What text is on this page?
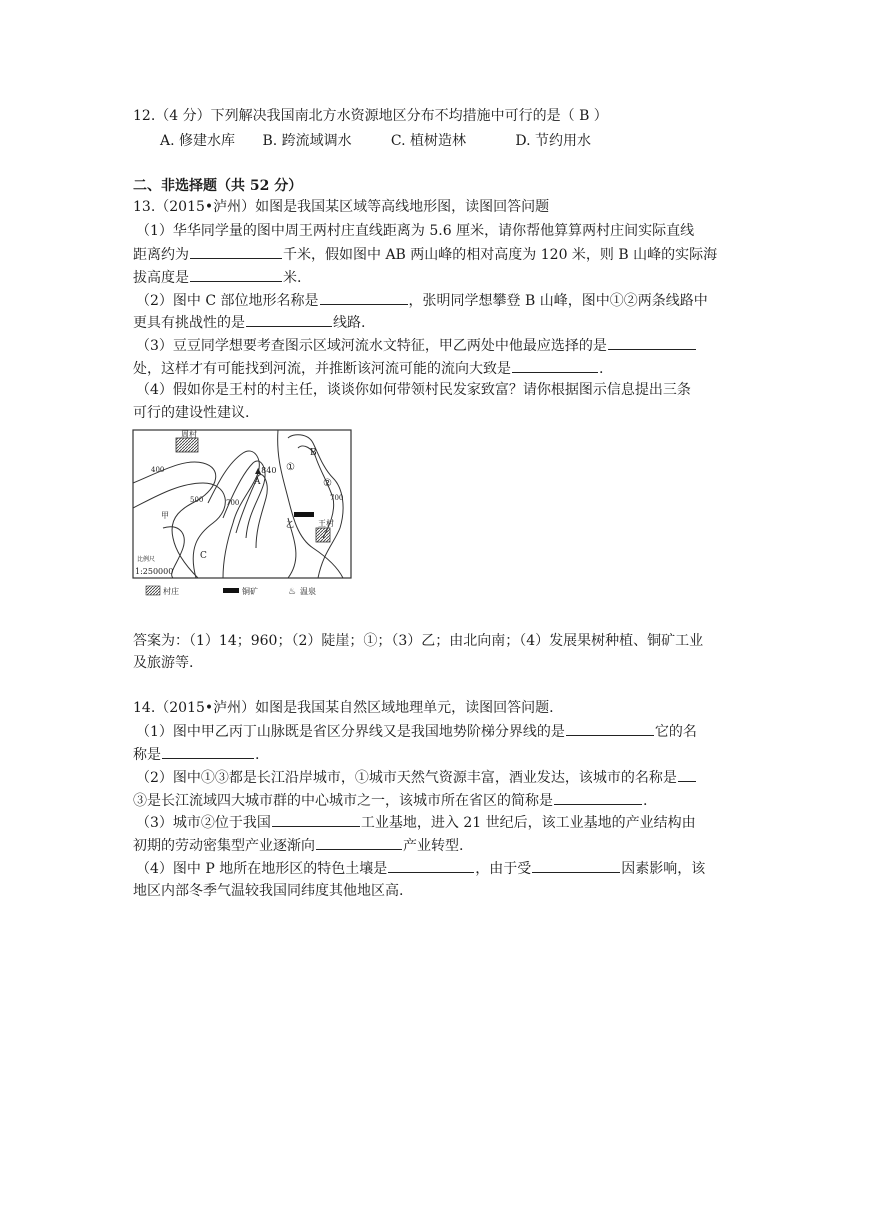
12.（4 分）下列解决我国南北方水资源地区分布不均措施中可行的是（ B ）
A. 修建水库 B. 跨流域调水	C. 植树造林	D. 节约用水
二、非选择题（共 52 分）
13.（2015•泸州）如图是我国某区域等高线地形图，读图回答问题
（1）华华同学量的图中周王两村庄直线距离为 5.6 厘米，请你帮他算算两村庄间实际直线
距离约为	千米，假如图中 AB 两山峰的相对高度为 120 米，则 B 山峰的实际海
拔高度是	米.
（2）图中 C 部位地形名称是	，张明同学想攀登 B 山峰，图中①②两条线路中
更具有挑战性的是	线路.
（3）豆豆同学想要考查图示区域河流水文特征，甲乙两处中他最应选择的是
处，这样才有可能找到河流，并推断该河流可能的流向大致是	.
（4）假如你是王村的村主任，谈谈你如何带领村民发家致富？请你根据图示信息提出三条
可行的建设性建议.
周村
400
500	700
700
▲840
A
B
①
②
甲
乙
C
王村
比例尺
1:250000
村庄	铜矿	♨ 温泉
答案为：（1）14；960；（2）陡崖；①；（3）乙；由北向南；（4）发展果树种植、铜矿工业
及旅游等.
14.（2015•泸州）如图是我国某自然区域地理单元，读图回答问题.
（1）图中甲乙丙丁山脉既是省区分界线又是我国地势阶梯分界线的是	它的名
称是	.
（2）图中①③都是长江沿岸城市，①城市天然气资源丰富，酒业发达，该城市的名称是
③是长江流域四大城市群的中心城市之一，该城市所在省区的简称是	.
（3）城市②位于我国	工业基地，进入 21 世纪后，该工业基地的产业结构由
初期的劳动密集型产业逐渐向	产业转型.
（4）图中 P 地所在地形区的特色土壤是	，由于受	因素影响，该
地区内部冬季气温较我国同纬度其他地区高.
